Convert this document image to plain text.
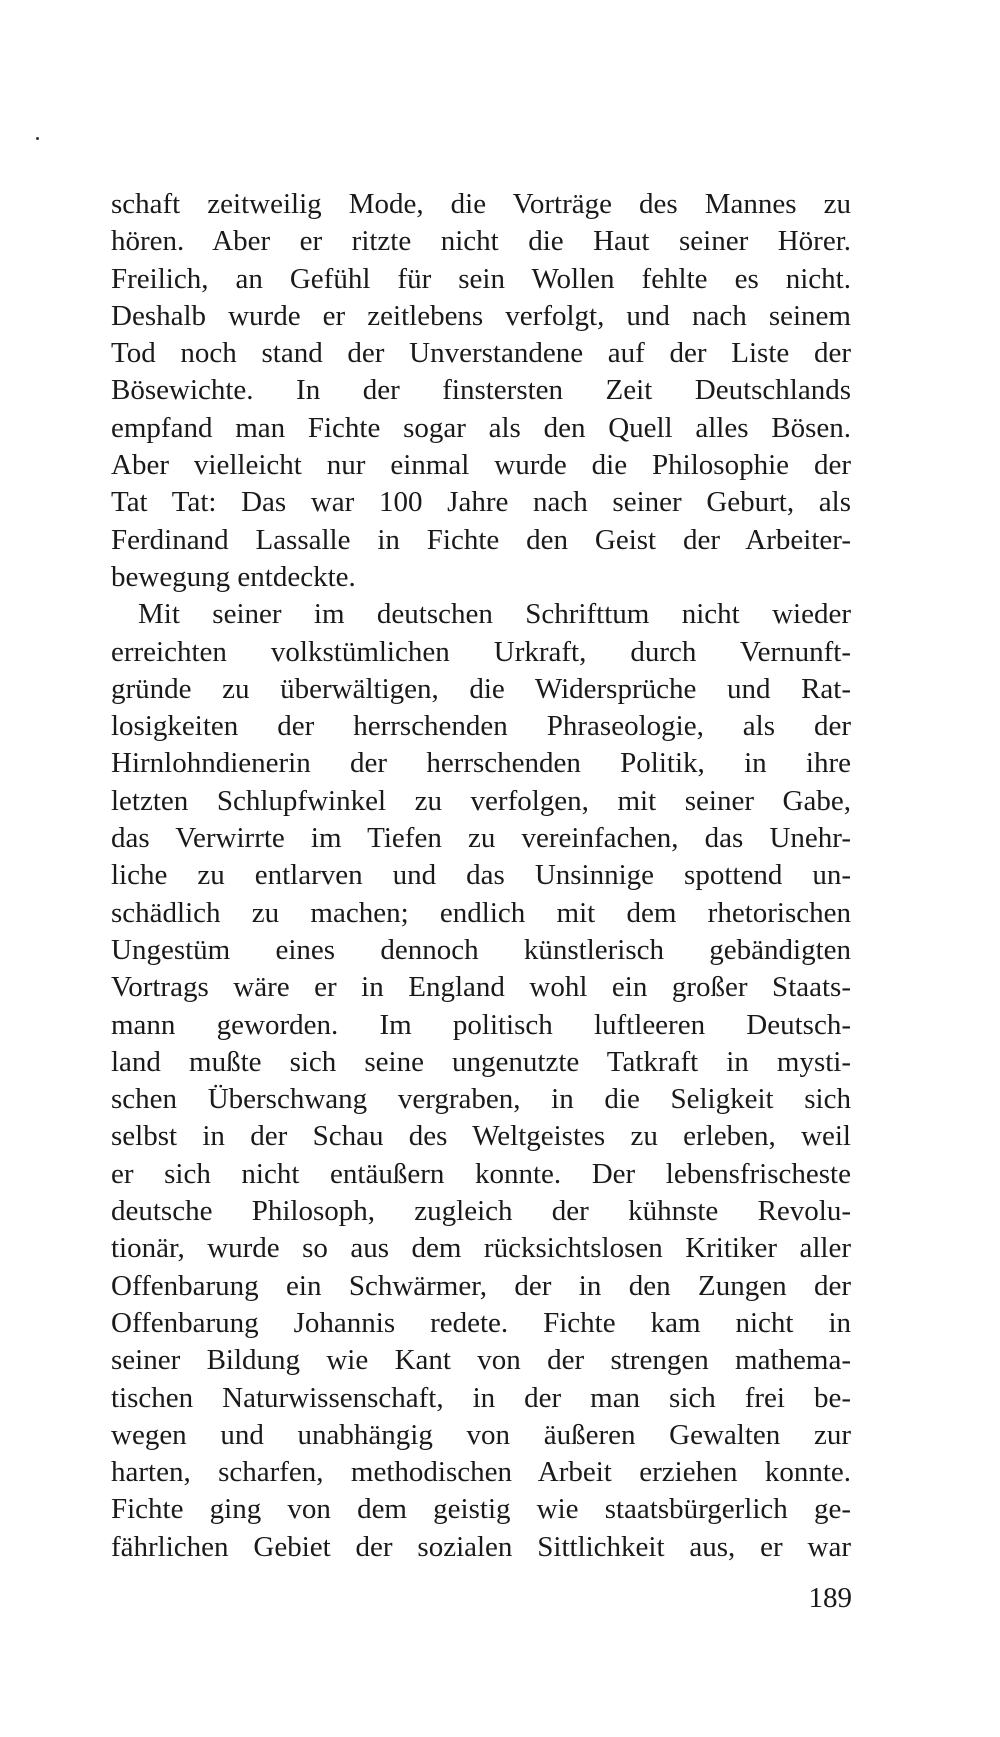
schaft zeitweilig Mode, die Vorträge des Mannes zu
hören. Aber er ritzte nicht die Haut seiner Hörer.
Freilich, an Gefühl für sein Wollen fehlte es nicht.
Deshalb wurde er zeitlebens verfolgt, und nach seinem
Tod noch stand der Unverstandene auf der Liste der
Bösewichte. In der finstersten Zeit Deutschlands
empfand man Fichte sogar als den Quell alles Bösen.
Aber vielleicht nur einmal wurde die Philosophie der
Tat Tat: Das war 100 Jahre nach seiner Geburt, als
Ferdinand Lassalle in Fichte den Geist der Arbeiter-
bewegung entdeckte.
Mit seiner im deutschen Schrifttum nicht wieder
erreichten volkstümlichen Urkraft, durch Vernunft-
gründe zu überwältigen, die Widersprüche und Rat-
losigkeiten der herrschenden Phraseologie, als der
Hirnlohndienerin der herrschenden Politik, in ihre
letzten Schlupfwinkel zu verfolgen, mit seiner Gabe,
das Verwirrte im Tiefen zu vereinfachen, das Unehr-
liche zu entlarven und das Unsinnige spottend un-
schädlich zu machen; endlich mit dem rhetorischen
Ungestüm eines dennoch künstlerisch gebändigten
Vortrags wäre er in England wohl ein großer Staats-
mann geworden. Im politisch luftleeren Deutsch-
land mußte sich seine ungenutzte Tatkraft in mysti-
schen Überschwang vergraben, in die Seligkeit sich
selbst in der Schau des Weltgeistes zu erleben, weil
er sich nicht entäußern konnte. Der lebensfrischeste
deutsche Philosoph, zugleich der kühnste Revolu-
tionär, wurde so aus dem rücksichtslosen Kritiker aller
Offenbarung ein Schwärmer, der in den Zungen der
Offenbarung Johannis redete. Fichte kam nicht in
seiner Bildung wie Kant von der strengen mathema-
tischen Naturwissenschaft, in der man sich frei be-
wegen und unabhängig von äußeren Gewalten zur
harten, scharfen, methodischen Arbeit erziehen konnte.
Fichte ging von dem geistig wie staatsbürgerlich ge-
fährlichen Gebiet der sozialen Sittlichkeit aus, er war
189
